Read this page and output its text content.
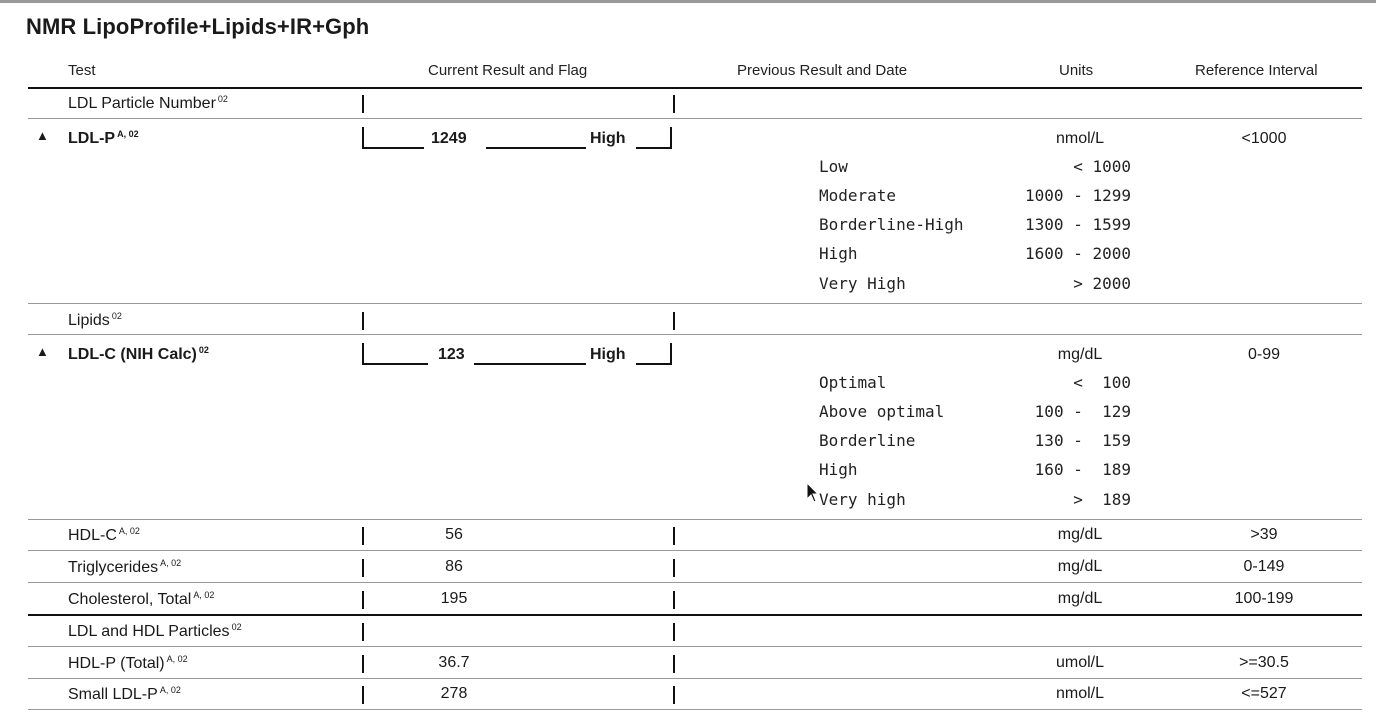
NMR LipoProfile+Lipids+IR+Gph
Test	Current Result and Flag	Previous Result and Date	Units	Reference Interval
LDL Particle Number $^{02}$
▲ LDL-P $^{A, 02}$	1249	High	nmol/L	<1000
Low	< 1000
Moderate	1000 - 1299
Borderline-High	1300 - 1599
High	1600 - 2000
Very High	> 2000
Lipids $^{02}$
▲ LDL-C (NIH Calc) $^{02}$	123	High	mg/dL	0-99
Optimal	<  100
Above optimal	100 -  129
Borderline	130 -  159
High	160 -  189
Very high	>  189
HDL-C $^{A, 02}$	56	mg/dL	>39
Triglycerides $^{A, 02}$	86	mg/dL	0-149
Cholesterol, Total $^{A, 02}$	195	mg/dL	100-199
LDL and HDL Particles $^{02}$
HDL-P (Total) $^{A, 02}$	36.7	umol/L	>=30.5
Small LDL-P $^{A, 02}$	278	nmol/L	<=527
